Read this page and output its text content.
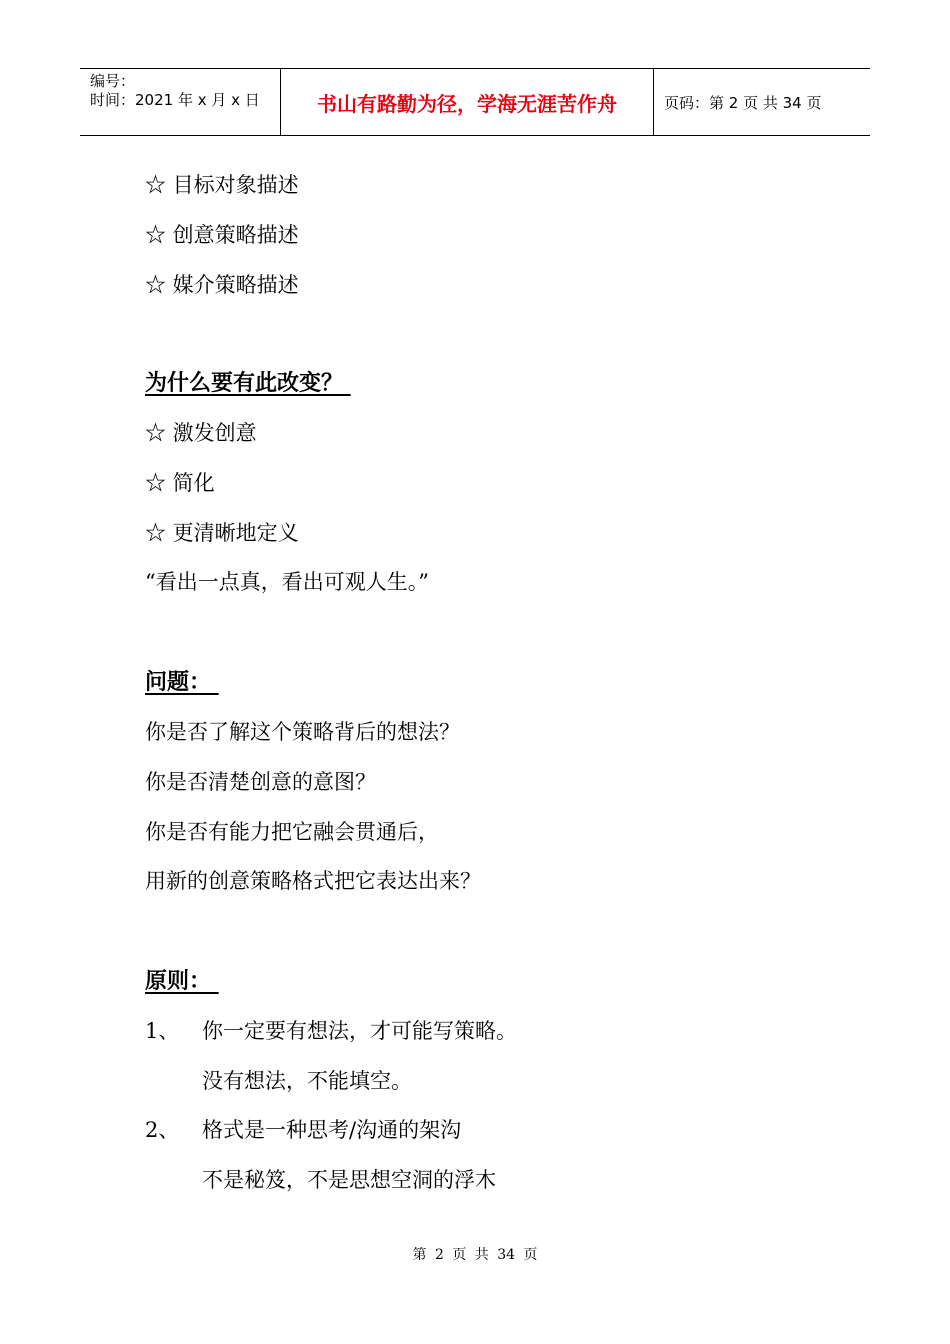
编号：
时间：2021 年 x 月 x 日	书山有路勤为径，学海无涯苦作舟	页码：第 2 页 共 34 页
☆ 目标对象描述
☆ 创意策略描述
☆ 媒介策略描述
为什么要有此改变？
☆ 激发创意
☆ 简化
☆ 更清晰地定义
“看出一点真，看出可观人生。”
问题：
你是否了解这个策略背后的想法？
你是否清楚创意的意图？
你是否有能力把它融会贯通后，
用新的创意策略格式把它表达出来？
原则：
1、 你一定要有想法，才可能写策略。
没有想法，不能填空。
2、 格式是一种思考/沟通的架沟
不是秘笈，不是思想空洞的浮木
第 2 页 共 34 页
